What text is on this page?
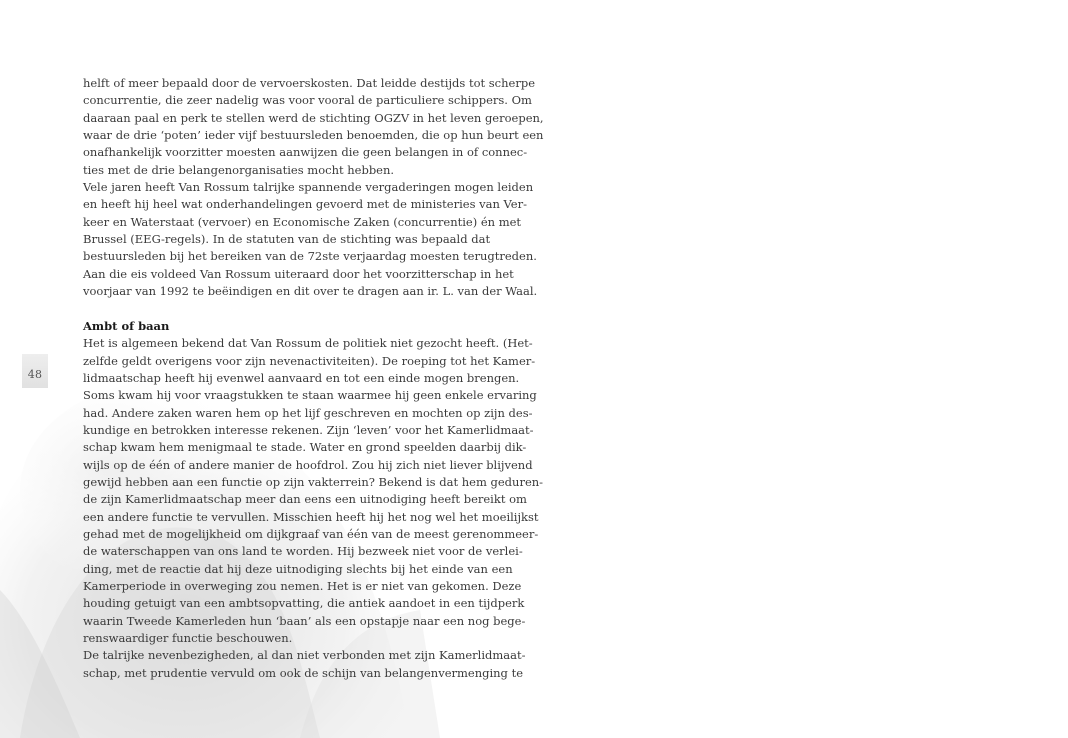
48
helft of meer bepaald door de vervoerskosten. Dat leidde destijds tot scherpe
concurrentie, die zeer nadelig was voor vooral de particuliere schippers. Om
daaraan paal en perk te stellen werd de stichting OGZV in het leven geroepen,
waar de drie ‘poten’ ieder vijf bestuursleden benoemden, die op hun beurt een
onafhankelijk voorzitter moesten aanwijzen die geen belangen in of connec-
ties met de drie belangenorganisaties mocht hebben.
Vele jaren heeft Van Rossum talrijke spannende vergaderingen mogen leiden
en heeft hij heel wat onderhandelingen gevoerd met de ministeries van Ver-
keer en Waterstaat (vervoer) en Economische Zaken (concurrentie) én met
Brussel (EEG-regels). In de statuten van de stichting was bepaald dat
bestuursleden bij het bereiken van de 72ste verjaardag moesten terugtreden.
Aan die eis voldeed Van Rossum uiteraard door het voorzitterschap in het
voorjaar van 1992 te beëindigen en dit over te dragen aan ir. L. van der Waal.
Ambt of baan
Het is algemeen bekend dat Van Rossum de politiek niet gezocht heeft. (Het-
zelfde geldt overigens voor zijn nevenactiviteiten). De roeping tot het Kamer-
lidmaatschap heeft hij evenwel aanvaard en tot een einde mogen brengen.
Soms kwam hij voor vraagstukken te staan waarmee hij geen enkele ervaring
had. Andere zaken waren hem op het lijf geschreven en mochten op zijn des-
kundige en betrokken interesse rekenen. Zijn ‘leven’ voor het Kamerlidmaat-
schap kwam hem menigmaal te stade. Water en grond speelden daarbij dik-
wijls op de één of andere manier de hoofdrol. Zou hij zich niet liever blijvend
gewijd hebben aan een functie op zijn vakterrein? Bekend is dat hem geduren-
de zijn Kamerlidmaatschap meer dan eens een uitnodiging heeft bereikt om
een andere functie te vervullen. Misschien heeft hij het nog wel het moeilijkst
gehad met de mogelijkheid om dijkgraaf van één van de meest gerenommeer-
de waterschappen van ons land te worden. Hij bezweek niet voor de verlei-
ding, met de reactie dat hij deze uitnodiging slechts bij het einde van een
Kamerperiode in overweging zou nemen. Het is er niet van gekomen. Deze
houding getuigt van een ambtsopvatting, die antiek aandoet in een tijdperk
waarin Tweede Kamerleden hun ‘baan’ als een opstapje naar een nog bege-
renswaardiger functie beschouwen.
De talrijke nevenbezigheden, al dan niet verbonden met zijn Kamerlidmaat-
schap, met prudentie vervuld om ook de schijn van belangenvermenging te
